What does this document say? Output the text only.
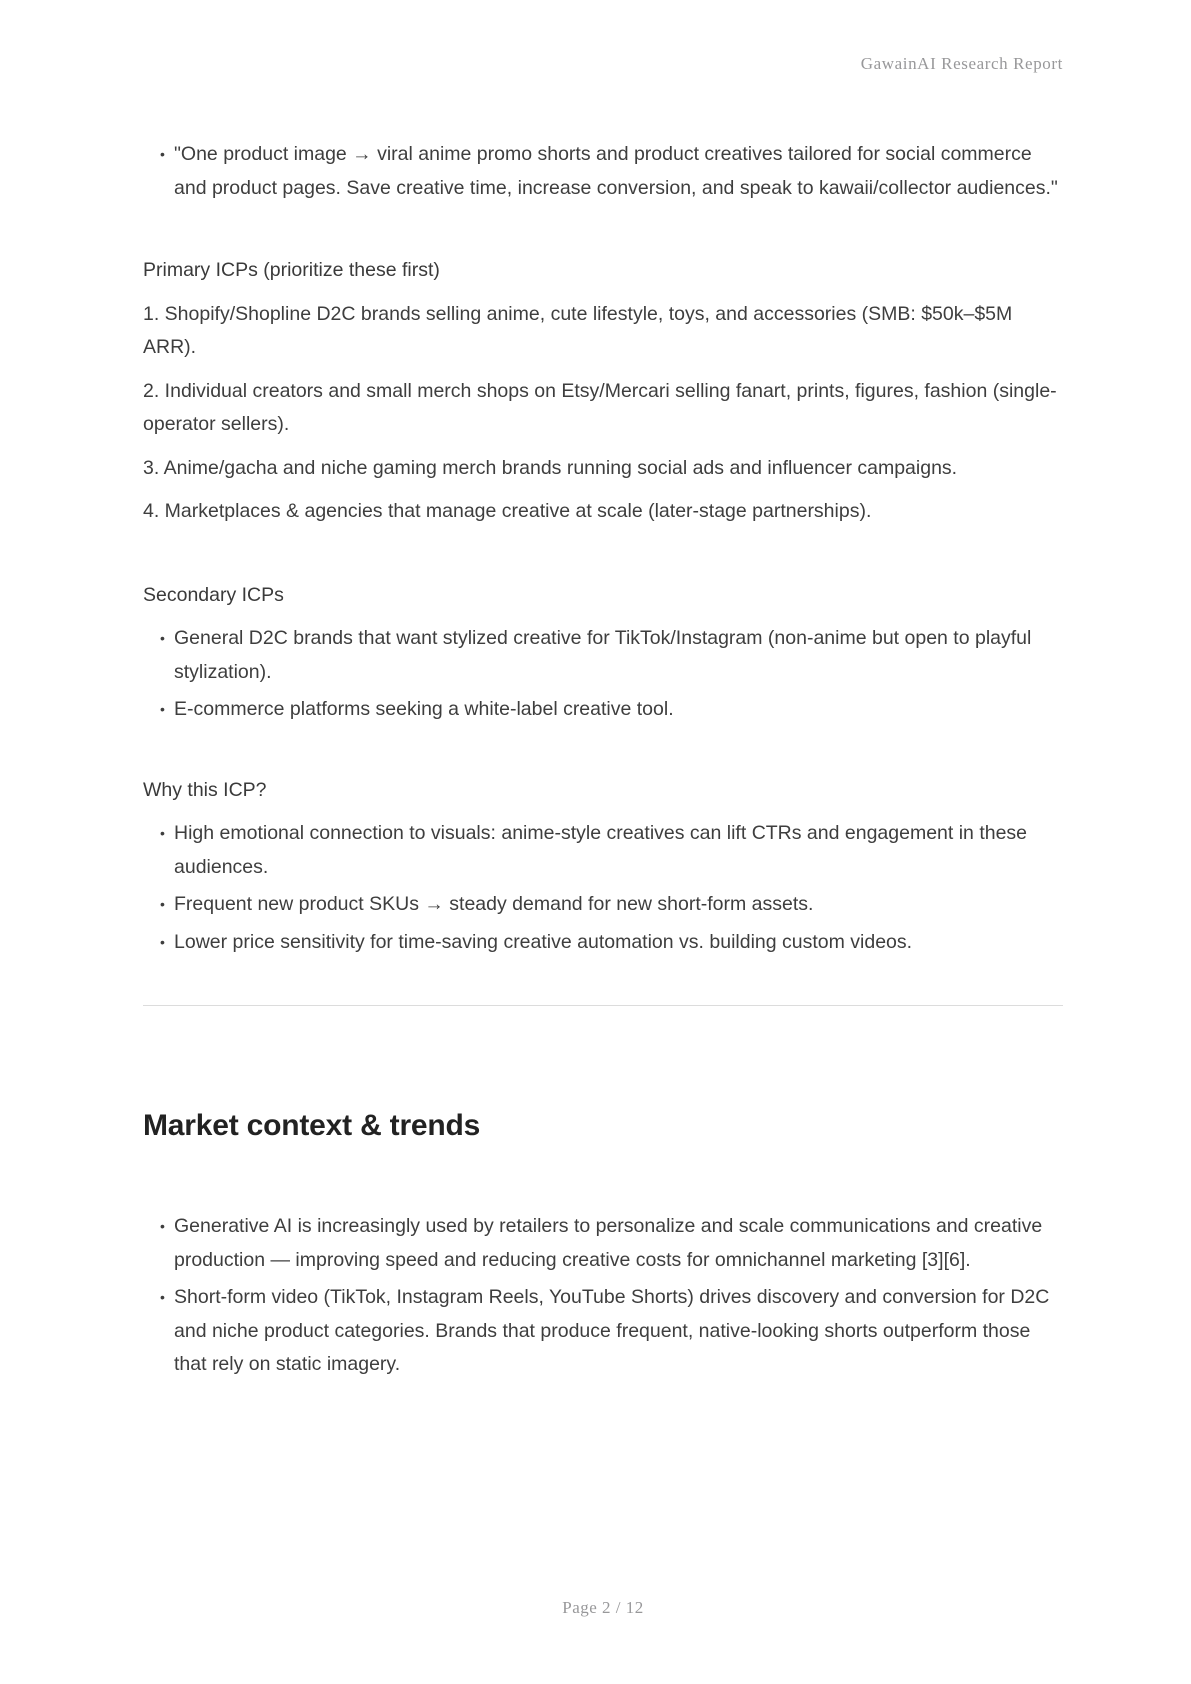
GawainAI Research Report
• "One product image → viral anime promo shorts and product creatives tailored for social commerce and product pages. Save creative time, increase conversion, and speak to kawaii/collector audiences."

Primary ICPs (prioritize these first)

1. Shopify/Shopline D2C brands selling anime, cute lifestyle, toys, and accessories (SMB: $50k–$5M ARR).

2. Individual creators and small merch shops on Etsy/Mercari selling fanart, prints, figures, fashion (single-operator sellers).

3. Anime/gacha and niche gaming merch brands running social ads and influencer campaigns.

4. Marketplaces & agencies that manage creative at scale (later-stage partnerships).

Secondary ICPs

• General D2C brands that want stylized creative for TikTok/Instagram (non-anime but open to playful stylization).
• E-commerce platforms seeking a white-label creative tool.

Why this ICP?

• High emotional connection to visuals: anime-style creatives can lift CTRs and engagement in these audiences.
• Frequent new product SKUs → steady demand for new short-form assets.
• Lower price sensitivity for time-saving creative automation vs. building custom videos.
Market context & trends
• Generative AI is increasingly used by retailers to personalize and scale communications and creative production — improving speed and reducing creative costs for omnichannel marketing [3][6].
• Short-form video (TikTok, Instagram Reels, YouTube Shorts) drives discovery and conversion for D2C and niche product categories. Brands that produce frequent, native-looking shorts outperform those that rely on static imagery.
Page 2 / 12
